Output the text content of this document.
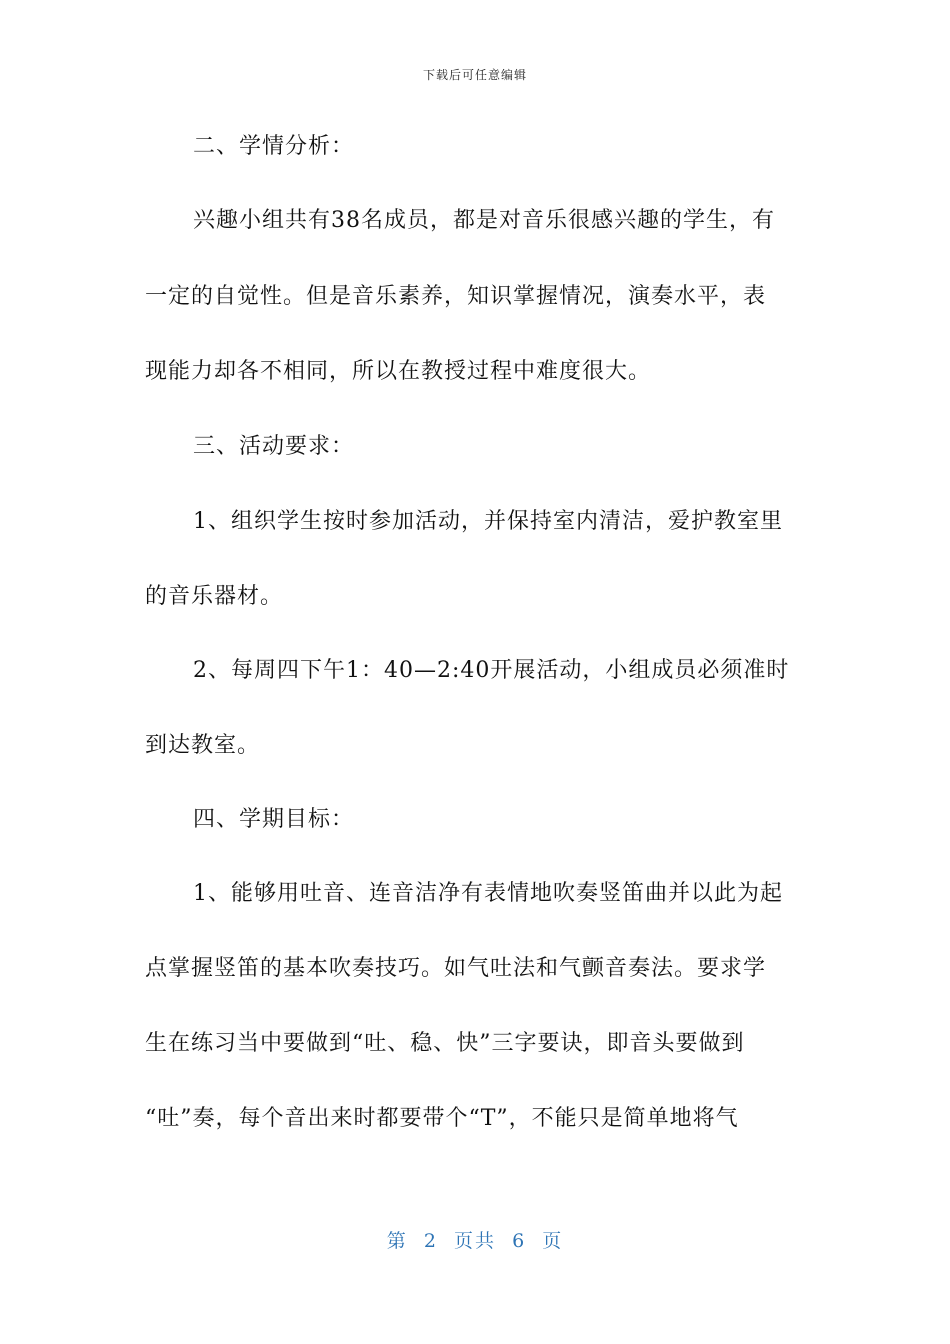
下载后可任意编辑
二、学情分析：
兴趣小组共有38名成员，都是对音乐很感兴趣的学生，有
一定的自觉性。但是音乐素养，知识掌握情况，演奏水平，表
现能力却各不相同，所以在教授过程中难度很大。
三、活动要求：
1、组织学生按时参加活动，并保持室内清洁，爱护教室里
的音乐器材。
2、每周四下午1：40—2:40开展活动，小组成员必须准时
到达教室。
四、学期目标：
1、能够用吐音、连音洁净有表情地吹奏竖笛曲并以此为起
点掌握竖笛的基本吹奏技巧。如气吐法和气颤音奏法。要求学
生在练习当中要做到“吐、稳、快”三字要诀，即音头要做到
“吐”奏，每个音出来时都要带个“T”，不能只是简单地将气
第  2  页共  6  页
